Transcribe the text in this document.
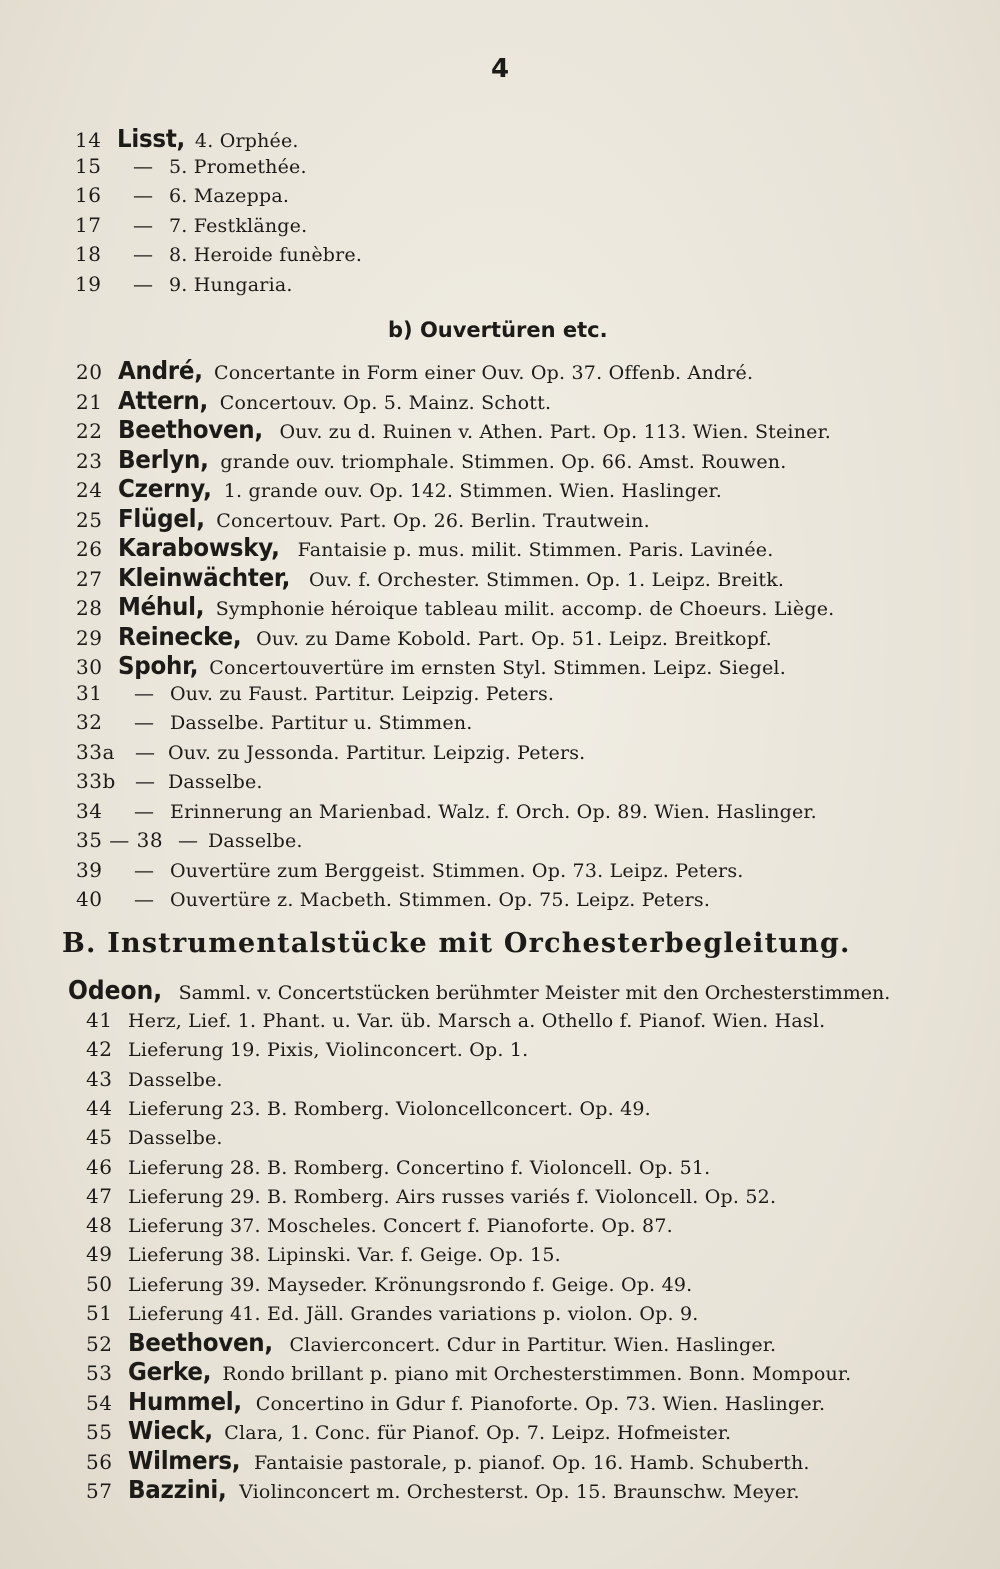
4
14 Lisst, 4. Orphée.
15	— 5. Promethée.
16	— 6. Mazeppa.
17	— 7. Festklänge.
18	— 8. Heroide funèbre.
19	— 9. Hungaria.
b) Ouvertüren etc.
20 André, Concertante in Form einer Ouv. Op. 37. Offenb. André.
21 Attern, Concertouv. Op. 5. Mainz. Schott.
22 Beethoven, Ouv. zu d. Ruinen v. Athen. Part. Op. 113. Wien. Steiner.
23 Berlyn, grande ouv. triomphale. Stimmen. Op. 66. Amst. Rouwen.
24 Czerny, 1. grande ouv. Op. 142. Stimmen. Wien. Haslinger.
25 Flügel, Concertouv. Part. Op. 26. Berlin. Trautwein.
26 Karabowsky, Fantaisie p. mus. milit. Stimmen. Paris. Lavinée.
27 Kleinwächter, Ouv. f. Orchester. Stimmen. Op. 1. Leipz. Breitk.
28 Méhul, Symphonie héroique tableau milit. accomp. de Choeurs. Liège.
29 Reinecke, Ouv. zu Dame Kobold. Part. Op. 51. Leipz. Breitkopf.
30 Spohr, Concertouvertüre im ernsten Styl. Stimmen. Leipz. Siegel.
31	— Ouv. zu Faust. Partitur. Leipzig. Peters.
32	— Dasselbe. Partitur u. Stimmen.
33a	— Ouv. zu Jessonda. Partitur. Leipzig. Peters.
33b — Dasselbe.
34	— Erinnerung an Marienbad. Walz. f. Orch. Op. 89. Wien. Haslinger.
35 — 38 — Dasselbe.
39	— Ouvertüre zum Berggeist. Stimmen. Op. 73. Leipz. Peters.
40	— Ouvertüre z. Macbeth. Stimmen. Op. 75. Leipz. Peters.
B. Instrumentalstücke mit Orchesterbegleitung.
Odeon, Samml. v. Concertstücken berühmter Meister mit den Orchesterstimmen.
41 Herz, Lief. 1. Phant. u. Var. üb. Marsch a. Othello f. Pianof. Wien. Hasl.
42 Lieferung 19. Pixis, Violinconcert. Op. 1.
43 Dasselbe.
44 Lieferung 23. B. Romberg. Violoncellconcert. Op. 49.
45 Dasselbe.
46 Lieferung 28. B. Romberg. Concertino f. Violoncell. Op. 51.
47 Lieferung 29. B. Romberg. Airs russes variés f. Violoncell. Op. 52.
48 Lieferung 37. Moscheles. Concert f. Pianoforte. Op. 87.
49 Lieferung 38. Lipinski. Var. f. Geige. Op. 15.
50 Lieferung 39. Mayseder. Krönungsrondo f. Geige. Op. 49.
51 Lieferung 41. Ed. Jäll. Grandes variations p. violon. Op. 9.
52 Beethoven, Clavierconcert. Cdur in Partitur. Wien. Haslinger.
53 Gerke, Rondo brillant p. piano mit Orchesterstimmen. Bonn. Mompour.
54 Hummel, Concertino in Gdur f. Pianoforte. Op. 73. Wien. Haslinger.
55 Wieck, Clara, 1. Conc. für Pianof. Op. 7. Leipz. Hofmeister.
56 Wilmers, Fantaisie pastorale, p. pianof. Op. 16. Hamb. Schuberth.
57 Bazzini, Violinconcert m. Orchesterst. Op. 15. Braunschw. Meyer.
